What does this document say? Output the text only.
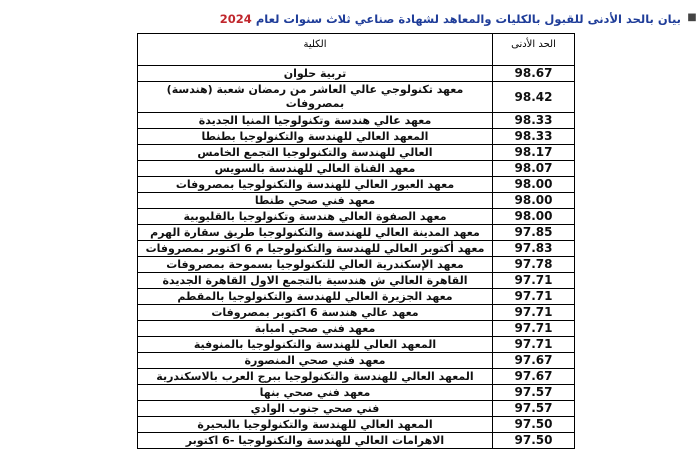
■
بيان بالحد الأدنى للقبول بالكليات والمعاهد لشهادة صناعي ثلاث سنوات لعام 2024
الحد الأدنى	الكلية
98.67	تربية حلوان
98.42	معهد تكنولوجي عالي العاشر من رمضان شعبة (هندسة) بمصروفات
98.33	معهد عالي هندسة وتكنولوجيا المنيا الجديدة
98.33	المعهد العالي للهندسة والتكنولوجيا بطنطا
98.17	العالي للهندسة والتكنولوجيا التجمع الخامس
98.07	معهد القناة العالي للهندسة بالسويس
98.00	معهد العبور العالي للهندسة والتكنولوجيا بمصروفات
98.00	معهد فني صحي طنطا
98.00	معهد الصفوة العالي هندسة وتكنولوجيا بالقليوبية
97.85	معهد المدينة العالي للهندسة والتكنولوجيا طريق سقارة الهرم
97.83	معهد أكتوبر العالي للهندسة والتكنولوجيا م 6 اكتوبر بمصروفات
97.78	معهد الإسكندرية العالي للتكنولوجيا بسموحة بمصروفات
97.71	القاهرة العالي ش هندسية بالتجمع الاول القاهرة الجديدة
97.71	معهد الجزيرة العالي للهندسة والتكنولوجيا بالمقطم
97.71	معهد عالي هندسة 6 اكتوبر بمصروفات
97.71	معهد فني صحي امبابة
97.71	المعهد العالي للهندسة والتكنولوجيا بالمنوفية
97.67	معهد فني صحي المنصورة
97.67	المعهد العالي للهندسة والتكنولوجيا ببرج العرب بالاسكندرية
97.57	معهد فني صحي بنها
97.57	فني صحي جنوب الوادي
97.50	المعهد العالي للهندسة والتكنولوجيا بالبحيرة
97.50	الاهرامات العالي للهندسة والتكنولوجيا -6 اكتوبر
